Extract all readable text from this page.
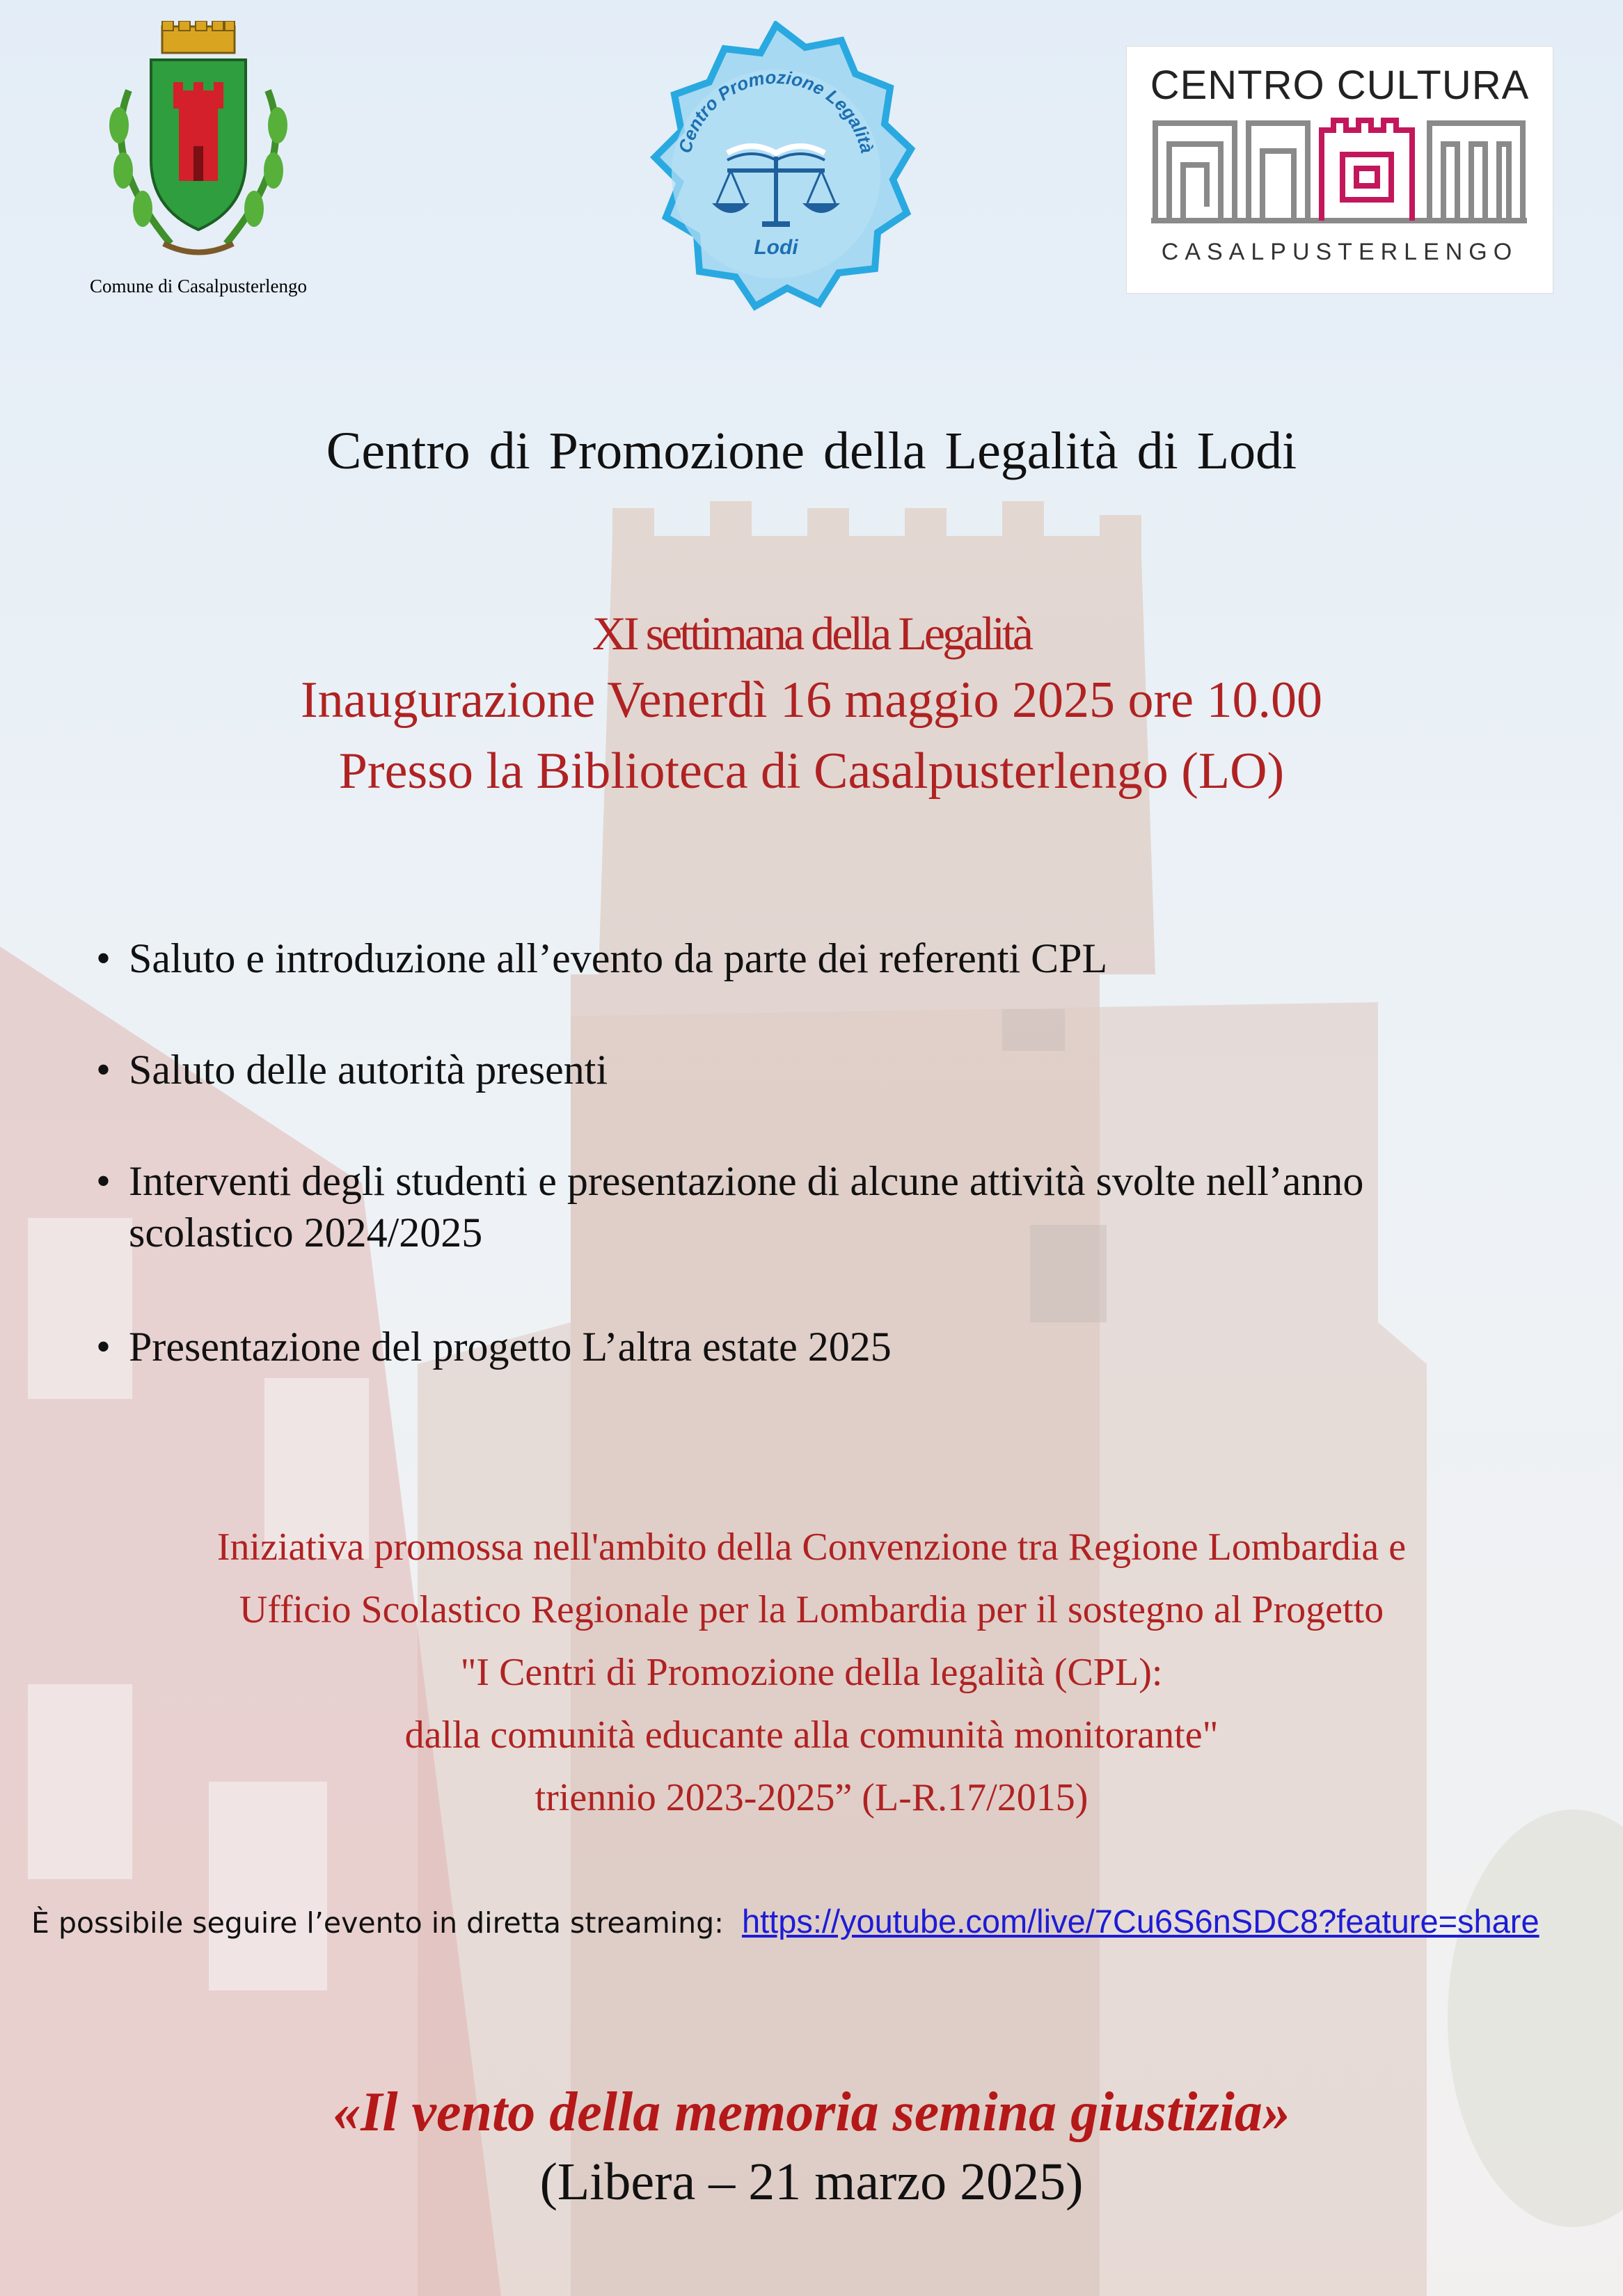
Comune di Casalpusterlengo
Centro Promozione Legalità
Lodi
CENTRO CULTURA
CASALPUSTERLENGO
Centro di Promozione della Legalità di Lodi
XI settimana della Legalità
Inaugurazione Venerdì 16 maggio 2025 ore 10.00
Presso la Biblioteca di Casalpusterlengo (LO)
• Saluto e introduzione all’evento da parte dei referenti CPL
• Saluto delle autorità presenti
• Interventi degli studenti e presentazione di alcune attività svolte nell’anno
scolastico 2024/2025
• Presentazione del progetto L’altra estate 2025
Iniziativa promossa nell'ambito della Convenzione tra Regione Lombardia e
Ufficio Scolastico Regionale per la Lombardia per il sostegno al Progetto
"I Centri di Promozione della legalità (CPL):
dalla comunità educante alla comunità monitorante"
triennio 2023-2025” (L-R.17/2015)
È possibile seguire l’evento in diretta streaming: https://youtube.com/live/7Cu6S6nSDC8?feature=share
«Il vento della memoria semina giustizia»
(Libera – 21 marzo 2025)
